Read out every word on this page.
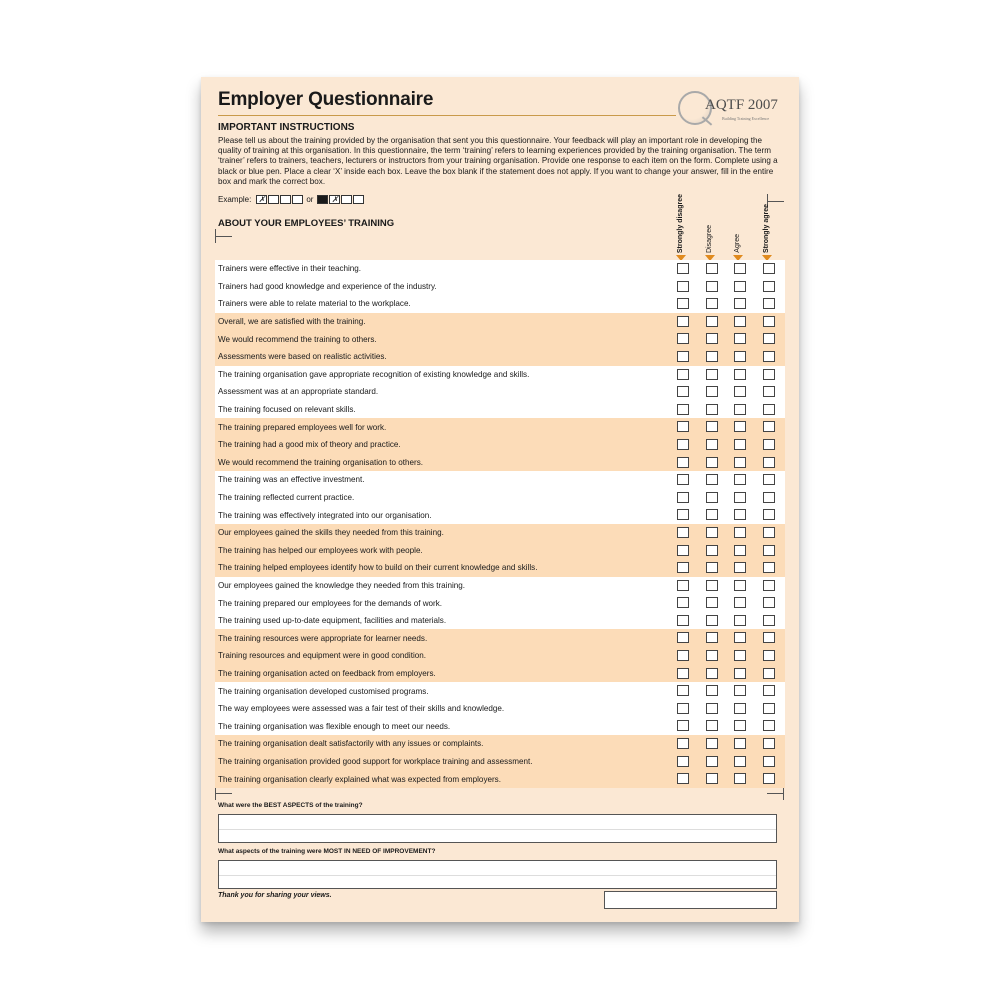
Employer Questionnaire	AQTF 2007
Building Training Excellence
IMPORTANT INSTRUCTIONS
Please tell us about the training provided by the organisation that sent you this questionnaire. Your feedback will play an important role in developing the quality of training at this organisation. In this questionnaire, the term ‘training’ refers to learning experiences provided by the training organisation. The term ‘trainer’ refers to trainers, teachers, lecturers or instructors from your training organisation. Provide one response to each item on the form. Complete using a black or blue pen. Place a clear ‘X’ inside each box. Leave the box blank if the statement does not apply. If you want to change your answer, fill in the entire box and mark the correct box.
Example: ✗	or ✗
ABOUT YOUR EMPLOYEES’ TRAINING	Strongly disagree	Disagree	Agree	Strongly agree
Trainers were effective in their teaching.
Trainers had good knowledge and experience of the industry.
Trainers were able to relate material to the workplace.
Overall, we are satisfied with the training.
We would recommend the training to others.
Assessments were based on realistic activities.
The training organisation gave appropriate recognition of existing knowledge and skills.
Assessment was at an appropriate standard.
The training focused on relevant skills.
The training prepared employees well for work.
The training had a good mix of theory and practice.
We would recommend the training organisation to others.
The training was an effective investment.
The training reflected current practice.
The training was effectively integrated into our organisation.
Our employees gained the skills they needed from this training.
The training has helped our employees work with people.
The training helped employees identify how to build on their current knowledge and skills.
Our employees gained the knowledge they needed from this training.
The training prepared our employees for the demands of work.
The training used up-to-date equipment, facilities and materials.
The training resources were appropriate for learner needs.
Training resources and equipment were in good condition.
The training organisation acted on feedback from employers.
The training organisation developed customised programs.
The way employees were assessed was a fair test of their skills and knowledge.
The training organisation was flexible enough to meet our needs.
The training organisation dealt satisfactorily with any issues or complaints.
The training organisation provided good support for workplace training and assessment.
The training organisation clearly explained what was expected from employers.
What were the BEST ASPECTS of the training?
What aspects of the training were MOST IN NEED OF IMPROVEMENT?
Thank you for sharing your views.
